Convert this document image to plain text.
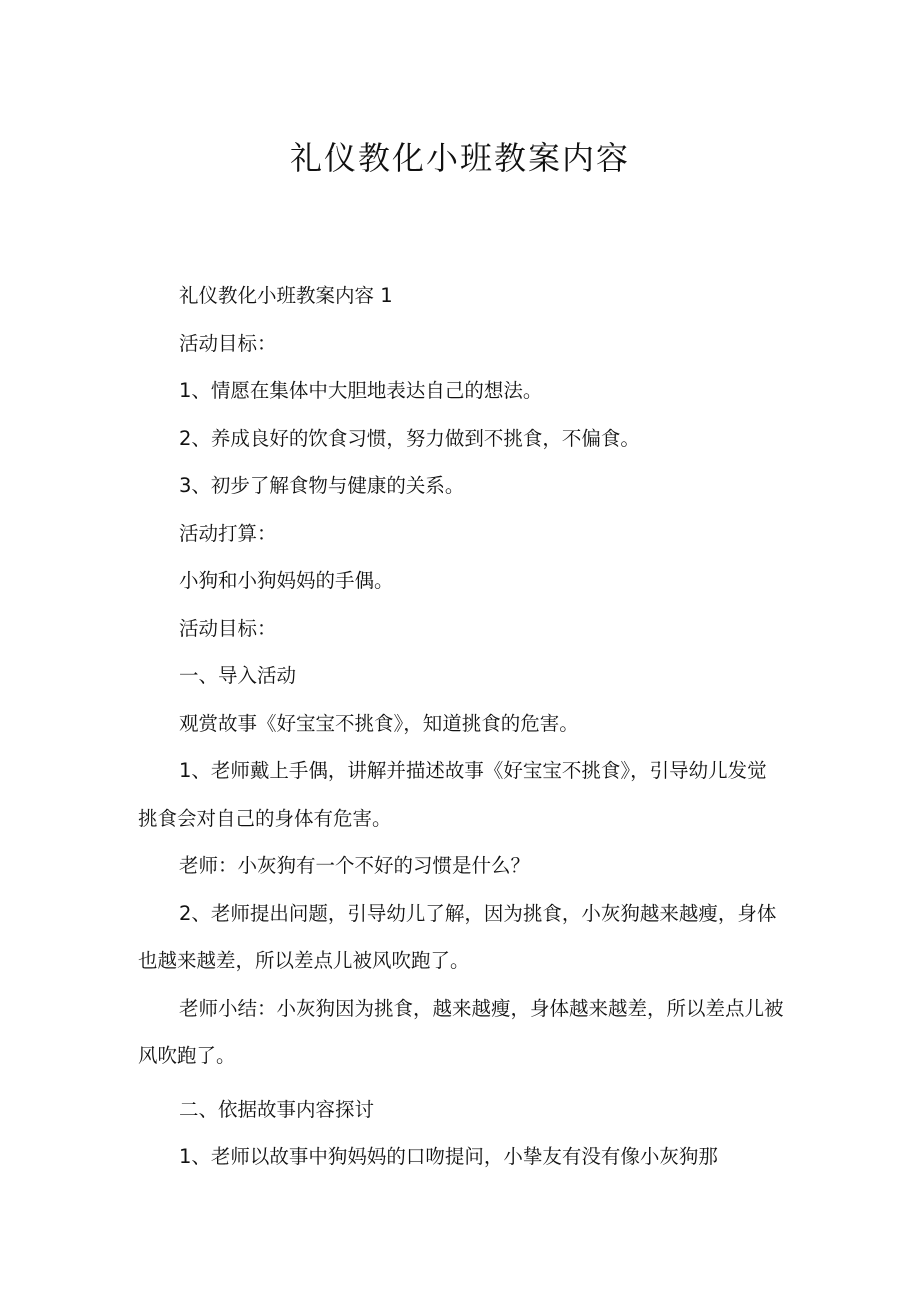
礼仪教化小班教案内容

礼仪教化小班教案内容 1

活动目标：

1、情愿在集体中大胆地表达自己的想法。

2、养成良好的饮食习惯，努力做到不挑食，不偏食。

3、初步了解食物与健康的关系。

活动打算：

小狗和小狗妈妈的手偶。

活动目标：

一、导入活动

观赏故事《好宝宝不挑食》，知道挑食的危害。

1、老师戴上手偶，讲解并描述故事《好宝宝不挑食》，引导幼儿发觉挑食会对自己的身体有危害。

老师：小灰狗有一个不好的习惯是什么？

2、老师提出问题，引导幼儿了解，因为挑食，小灰狗越来越瘦，身体也越来越差，所以差点儿被风吹跑了。

老师小结：小灰狗因为挑食，越来越瘦，身体越来越差，所以差点儿被风吹跑了。

二、依据故事内容探讨

1、老师以故事中狗妈妈的口吻提问，小挚友有没有像小灰狗那
